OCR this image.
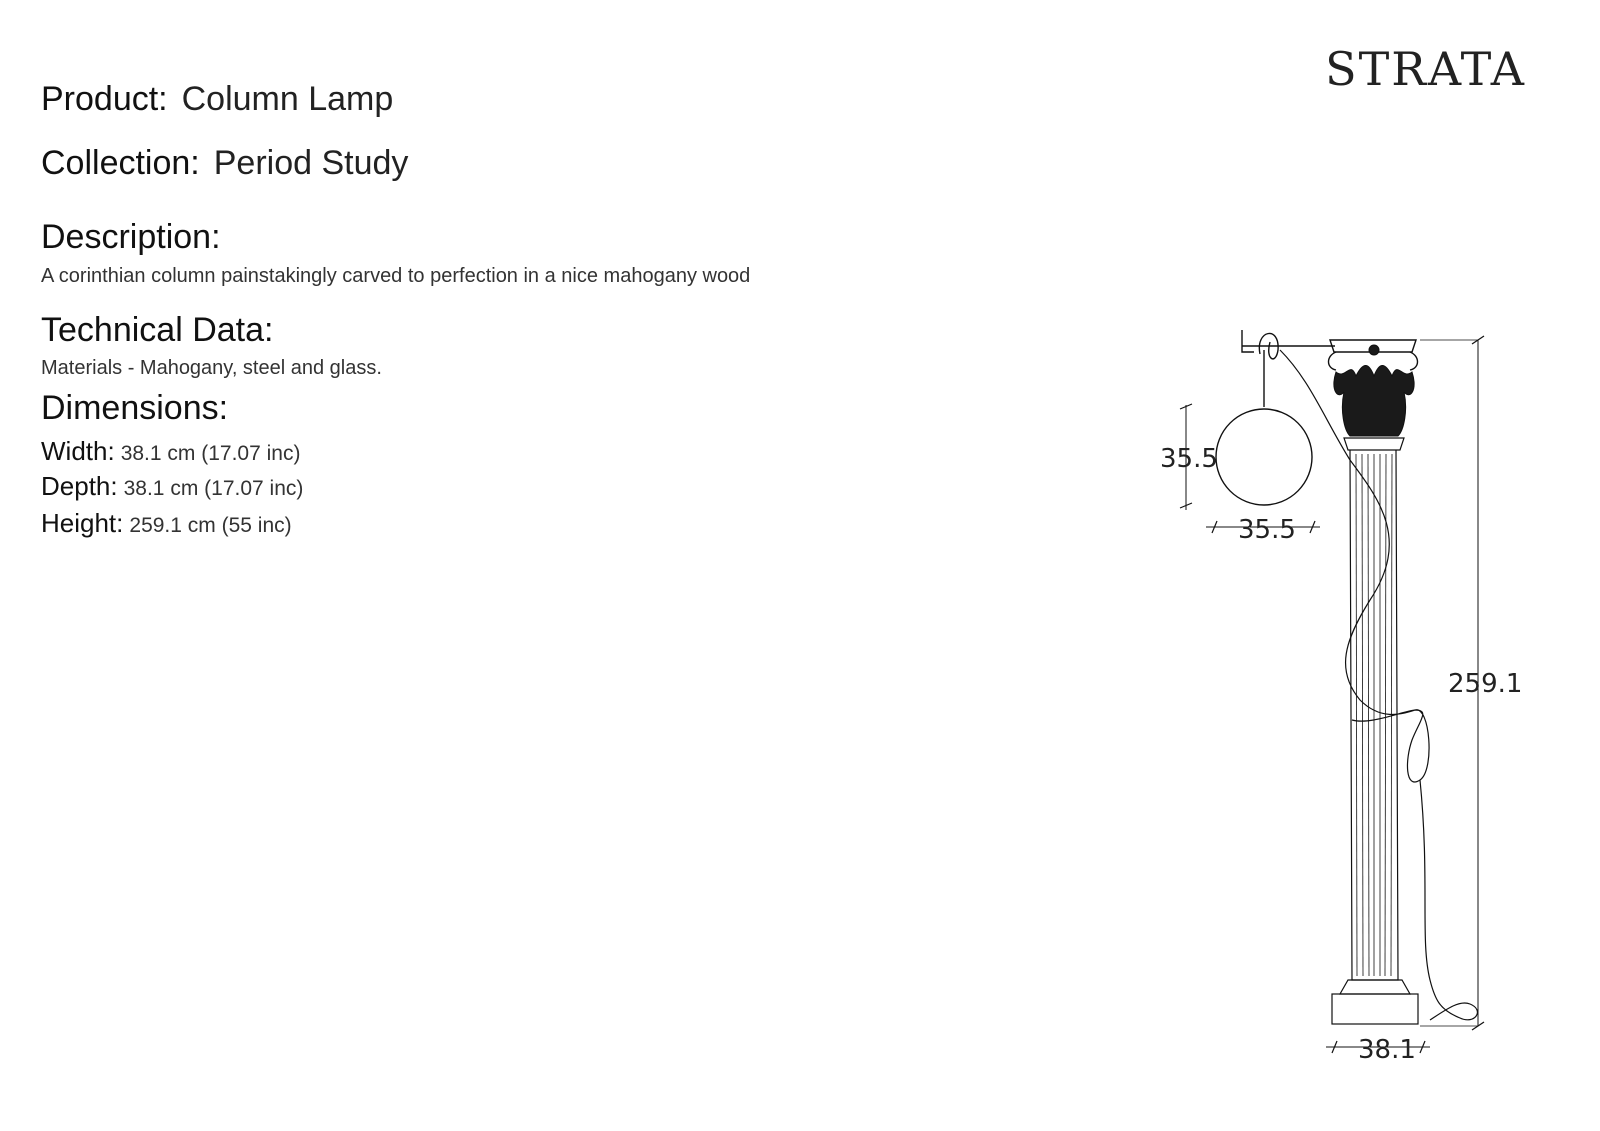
STRATA
Product: Column Lamp
Collection: Period Study
Description:
A corinthian column painstakingly carved to perfection in a nice mahogany wood
Technical Data:
Materials - Mahogany, steel and glass.
Dimensions:
Width: 38.1 cm (17.07 inc)
Depth: 38.1 cm (17.07 inc)
Height: 259.1 cm (55 inc)
35.5
35.5
259.1
38.1
